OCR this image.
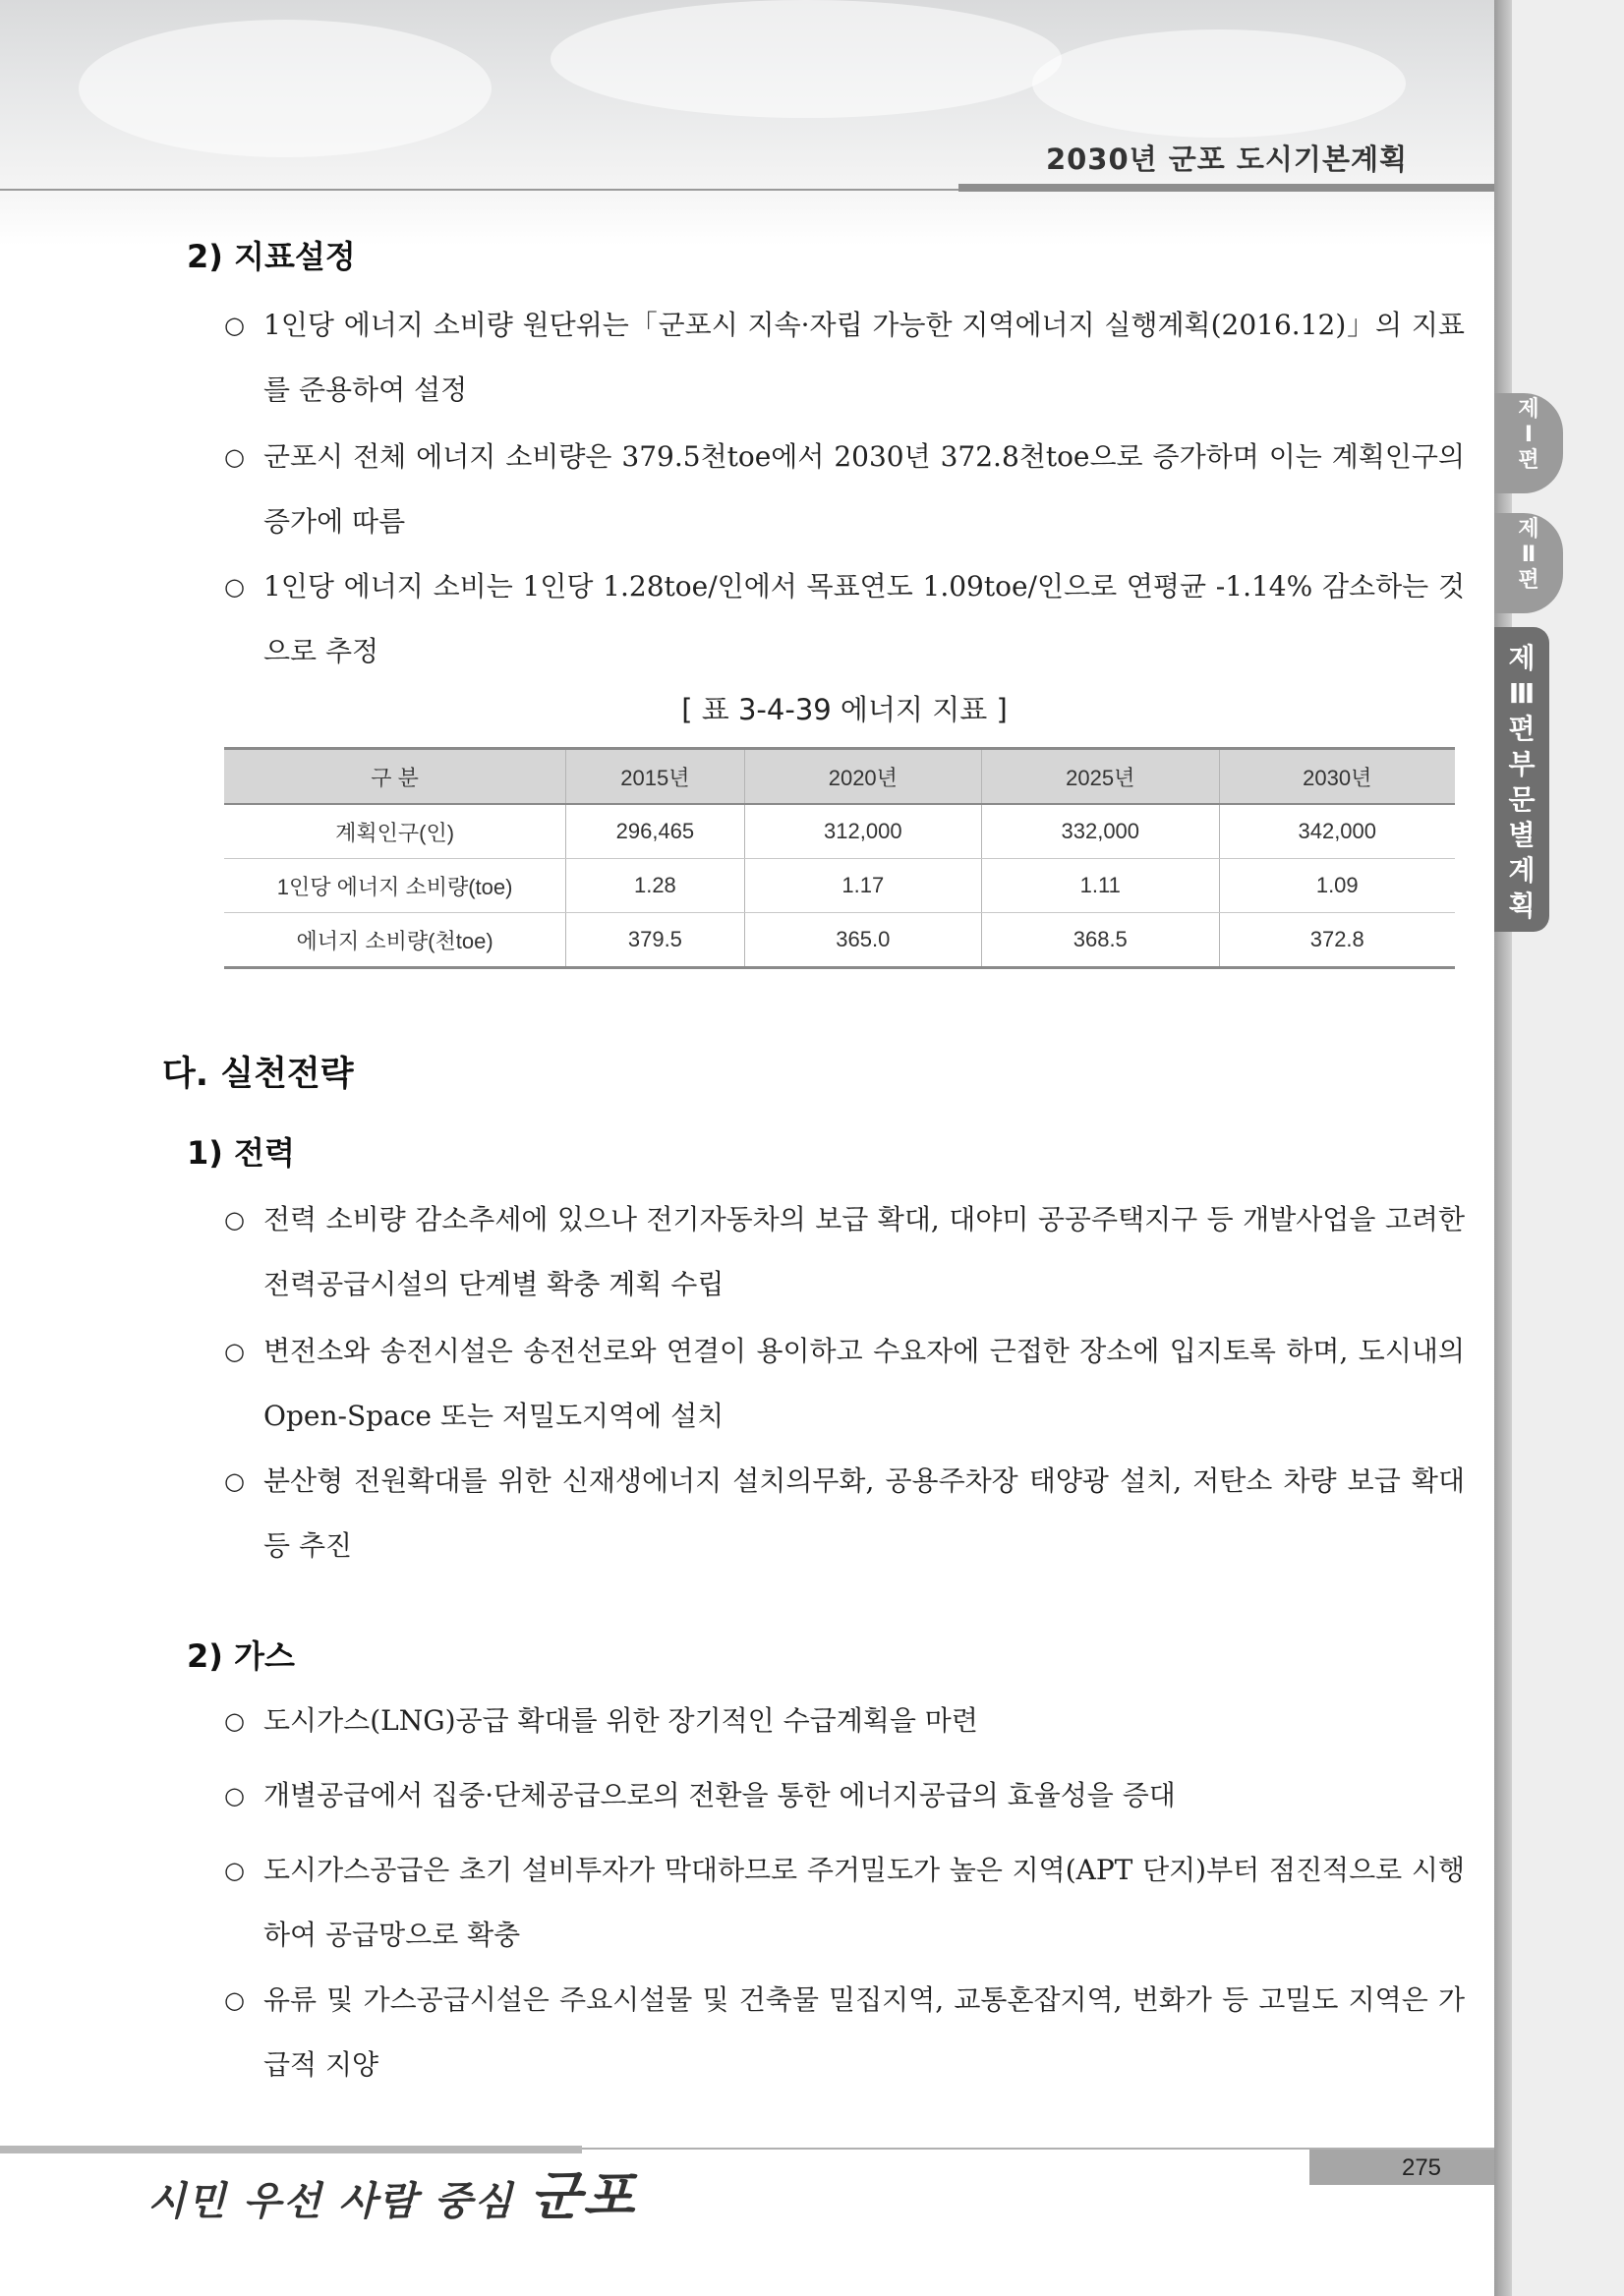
2030년 군포 도시기본계획
제
Ⅰ
편
제
Ⅱ
편
제
Ⅲ
편
부
문
별
계
획
2) 지표설정
○ 1인당 에너지 소비량 원단위는「군포시 지속·자립 가능한 지역에너지 실행계획(2016.12)」의 지표를 준용하여 설정
○ 군포시 전체 에너지 소비량은 379.5천toe에서 2030년 372.8천toe으로 증가하며 이는 계획인구의 증가에 따름
○ 1인당 에너지 소비는 1인당 1.28toe/인에서 목표연도 1.09toe/인으로 연평균 -1.14% 감소하는 것으로 추정
[ 표 3-4-39 에너지 지표 ]
구 분	2015년	2020년	2025년	2030년
계획인구(인)	296,465	312,000	332,000	342,000
1인당 에너지 소비량(toe)	1.28	1.17	1.11	1.09
에너지 소비량(천toe)	379.5	365.0	368.5	372.8
다. 실천전략
1) 전력
○ 전력 소비량 감소추세에 있으나 전기자동차의 보급 확대, 대야미 공공주택지구 등 개발사업을 고려한 전력공급시설의 단계별 확충 계획 수립
○ 변전소와 송전시설은 송전선로와 연결이 용이하고 수요자에 근접한 장소에 입지토록 하며, 도시내의 Open-Space 또는 저밀도지역에 설치
○ 분산형 전원확대를 위한 신재생에너지 설치의무화, 공용주차장 태양광 설치, 저탄소 차량 보급 확대 등 추진
2) 가스
○ 도시가스(LNG)공급 확대를 위한 장기적인 수급계획을 마련
○ 개별공급에서 집중·단체공급으로의 전환을 통한 에너지공급의 효율성을 증대
○ 도시가스공급은 초기 설비투자가 막대하므로 주거밀도가 높은 지역(APT 단지)부터 점진적으로 시행하여 공급망으로 확충
○ 유류 및 가스공급시설은 주요시설물 및 건축물 밀집지역, 교통혼잡지역, 번화가 등 고밀도 지역은 가급적 지양
시민 우선 사람 중심 군포	275
